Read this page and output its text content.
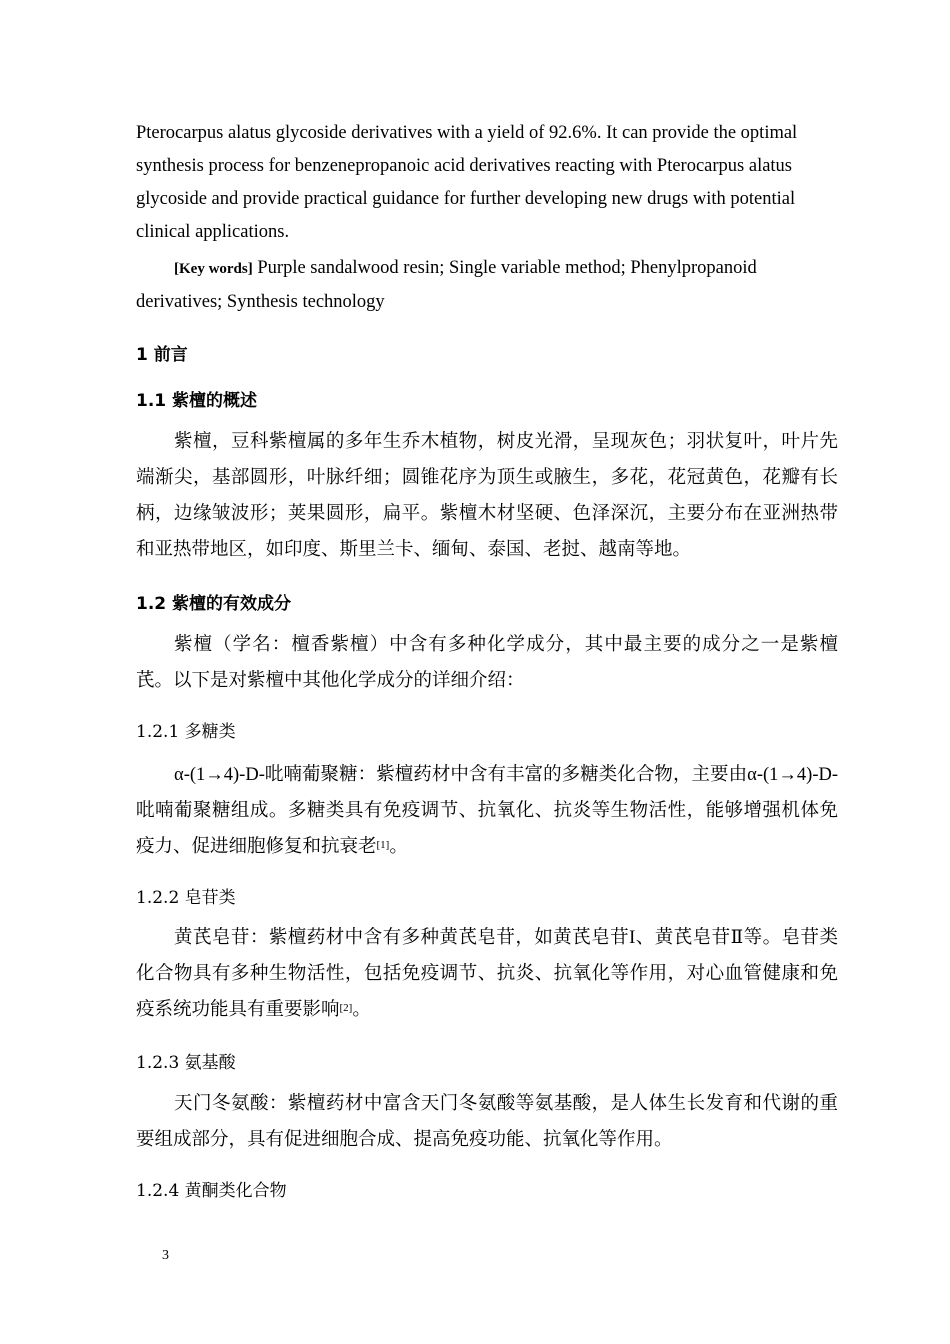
Pterocarpus alatus glycoside derivatives with a yield of 92.6%. It can provide the optimal synthesis process for benzenepropanoic acid derivatives reacting with Pterocarpus alatus glycoside and provide practical guidance for further developing new drugs with potential clinical applications.
[Key words] Purple sandalwood resin; Single variable method; Phenylpropanoid derivatives; Synthesis technology
1 前言
1.1 紫檀的概述
紫檀，豆科紫檀属的多年生乔木植物，树皮光滑，呈现灰色；羽状复叶，叶片先端渐尖，基部圆形，叶脉纤细；圆锥花序为顶生或腋生，多花，花冠黄色，花瓣有长柄，边缘皱波形；荚果圆形，扁平。紫檀木材坚硬、色泽深沉，主要分布在亚洲热带和亚热带地区，如印度、斯里兰卡、缅甸、泰国、老挝、越南等地。
1.2 紫檀的有效成分
紫檀（学名：檀香紫檀）中含有多种化学成分，其中最主要的成分之一是紫檀芪。以下是对紫檀中其他化学成分的详细介绍：
1.2.1 多糖类
α-(1→4)-D-吡喃葡聚糖：紫檀药材中含有丰富的多糖类化合物，主要由α-(1→4)-D-吡喃葡聚糖组成。多糖类具有免疫调节、抗氧化、抗炎等生物活性，能够增强机体免疫力、促进细胞修复和抗衰老[1]。
1.2.2 皂苷类
黄芪皂苷：紫檀药材中含有多种黄芪皂苷，如黄芪皂苷I、黄芪皂苷Ⅱ等。皂苷类化合物具有多种生物活性，包括免疫调节、抗炎、抗氧化等作用，对心血管健康和免疫系统功能具有重要影响[2]。
1.2.3 氨基酸
天门冬氨酸：紫檀药材中富含天门冬氨酸等氨基酸，是人体生长发育和代谢的重要组成部分，具有促进细胞合成、提高免疫功能、抗氧化等作用。
1.2.4 黄酮类化合物
3
